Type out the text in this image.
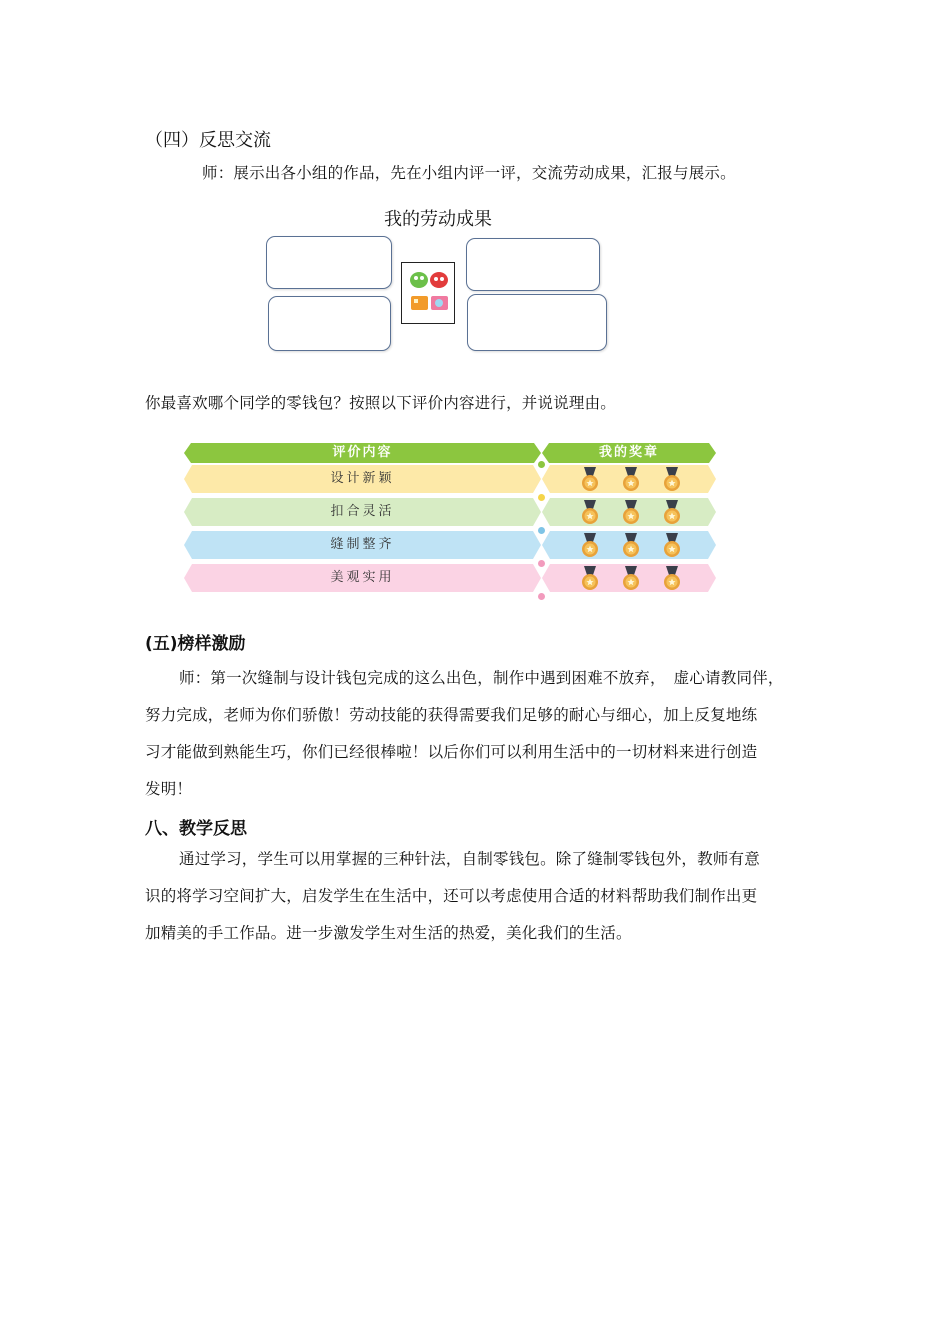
（四）反思交流
师：展示出各小组的作品，先在小组内评一评，交流劳动成果，汇报与展示。
我的劳动成果
你最喜欢哪个同学的零钱包？按照以下评价内容进行，并说说理由。
评价内容	我的奖章
设计新颖
扣合灵活
缝制整齐
美观实用
(五)榜样激励
师：第一次缝制与设计钱包完成的这么出色，制作中遇到困难不放弃，　虚心请教同伴，
努力完成，老师为你们骄傲！劳动技能的获得需要我们足够的耐心与细心，加上反复地练
习才能做到熟能生巧，你们已经很棒啦！以后你们可以利用生活中的一切材料来进行创造
发明！
八、教学反思
通过学习，学生可以用掌握的三种针法，自制零钱包。除了缝制零钱包外，教师有意
识的将学习空间扩大，启发学生在生活中，还可以考虑使用合适的材料帮助我们制作出更
加精美的手工作品。进一步激发学生对生活的热爱，美化我们的生活。
